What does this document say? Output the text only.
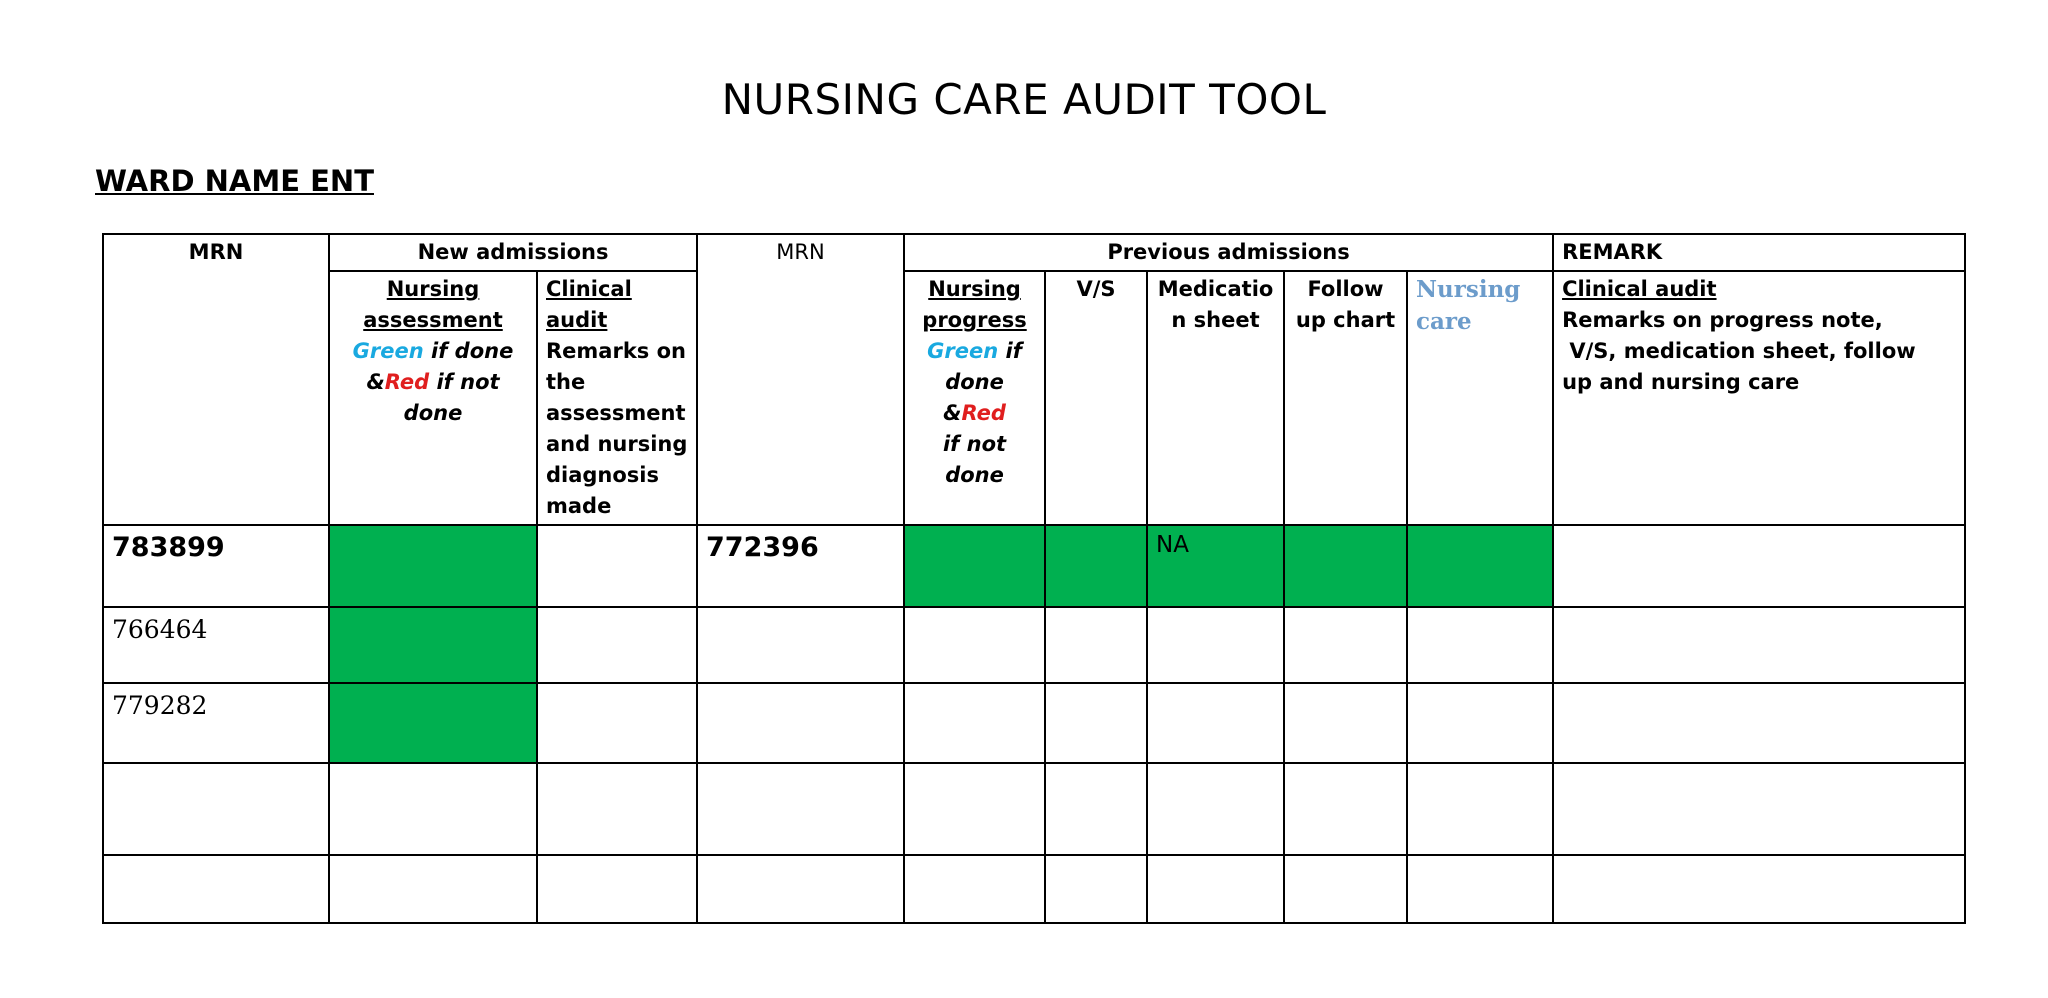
NURSING CARE AUDIT TOOL
WARD NAME ENT
MRN	New admissions		MRN	Previous admissions					REMARK
	Nursing assessment
Green if done
&Red if not done	Clinical audit
Remarks on the assessment and nursing diagnosis made		Nursing progress
Green if
done &Red
if not done	V/S	Medicatio
n sheet	Follow
up chart	Nursing
care	Clinical audit
Remarks on progress note,
V/S, medication sheet, follow
up and nursing care
783899			772396			NA			
766464									
779282									
